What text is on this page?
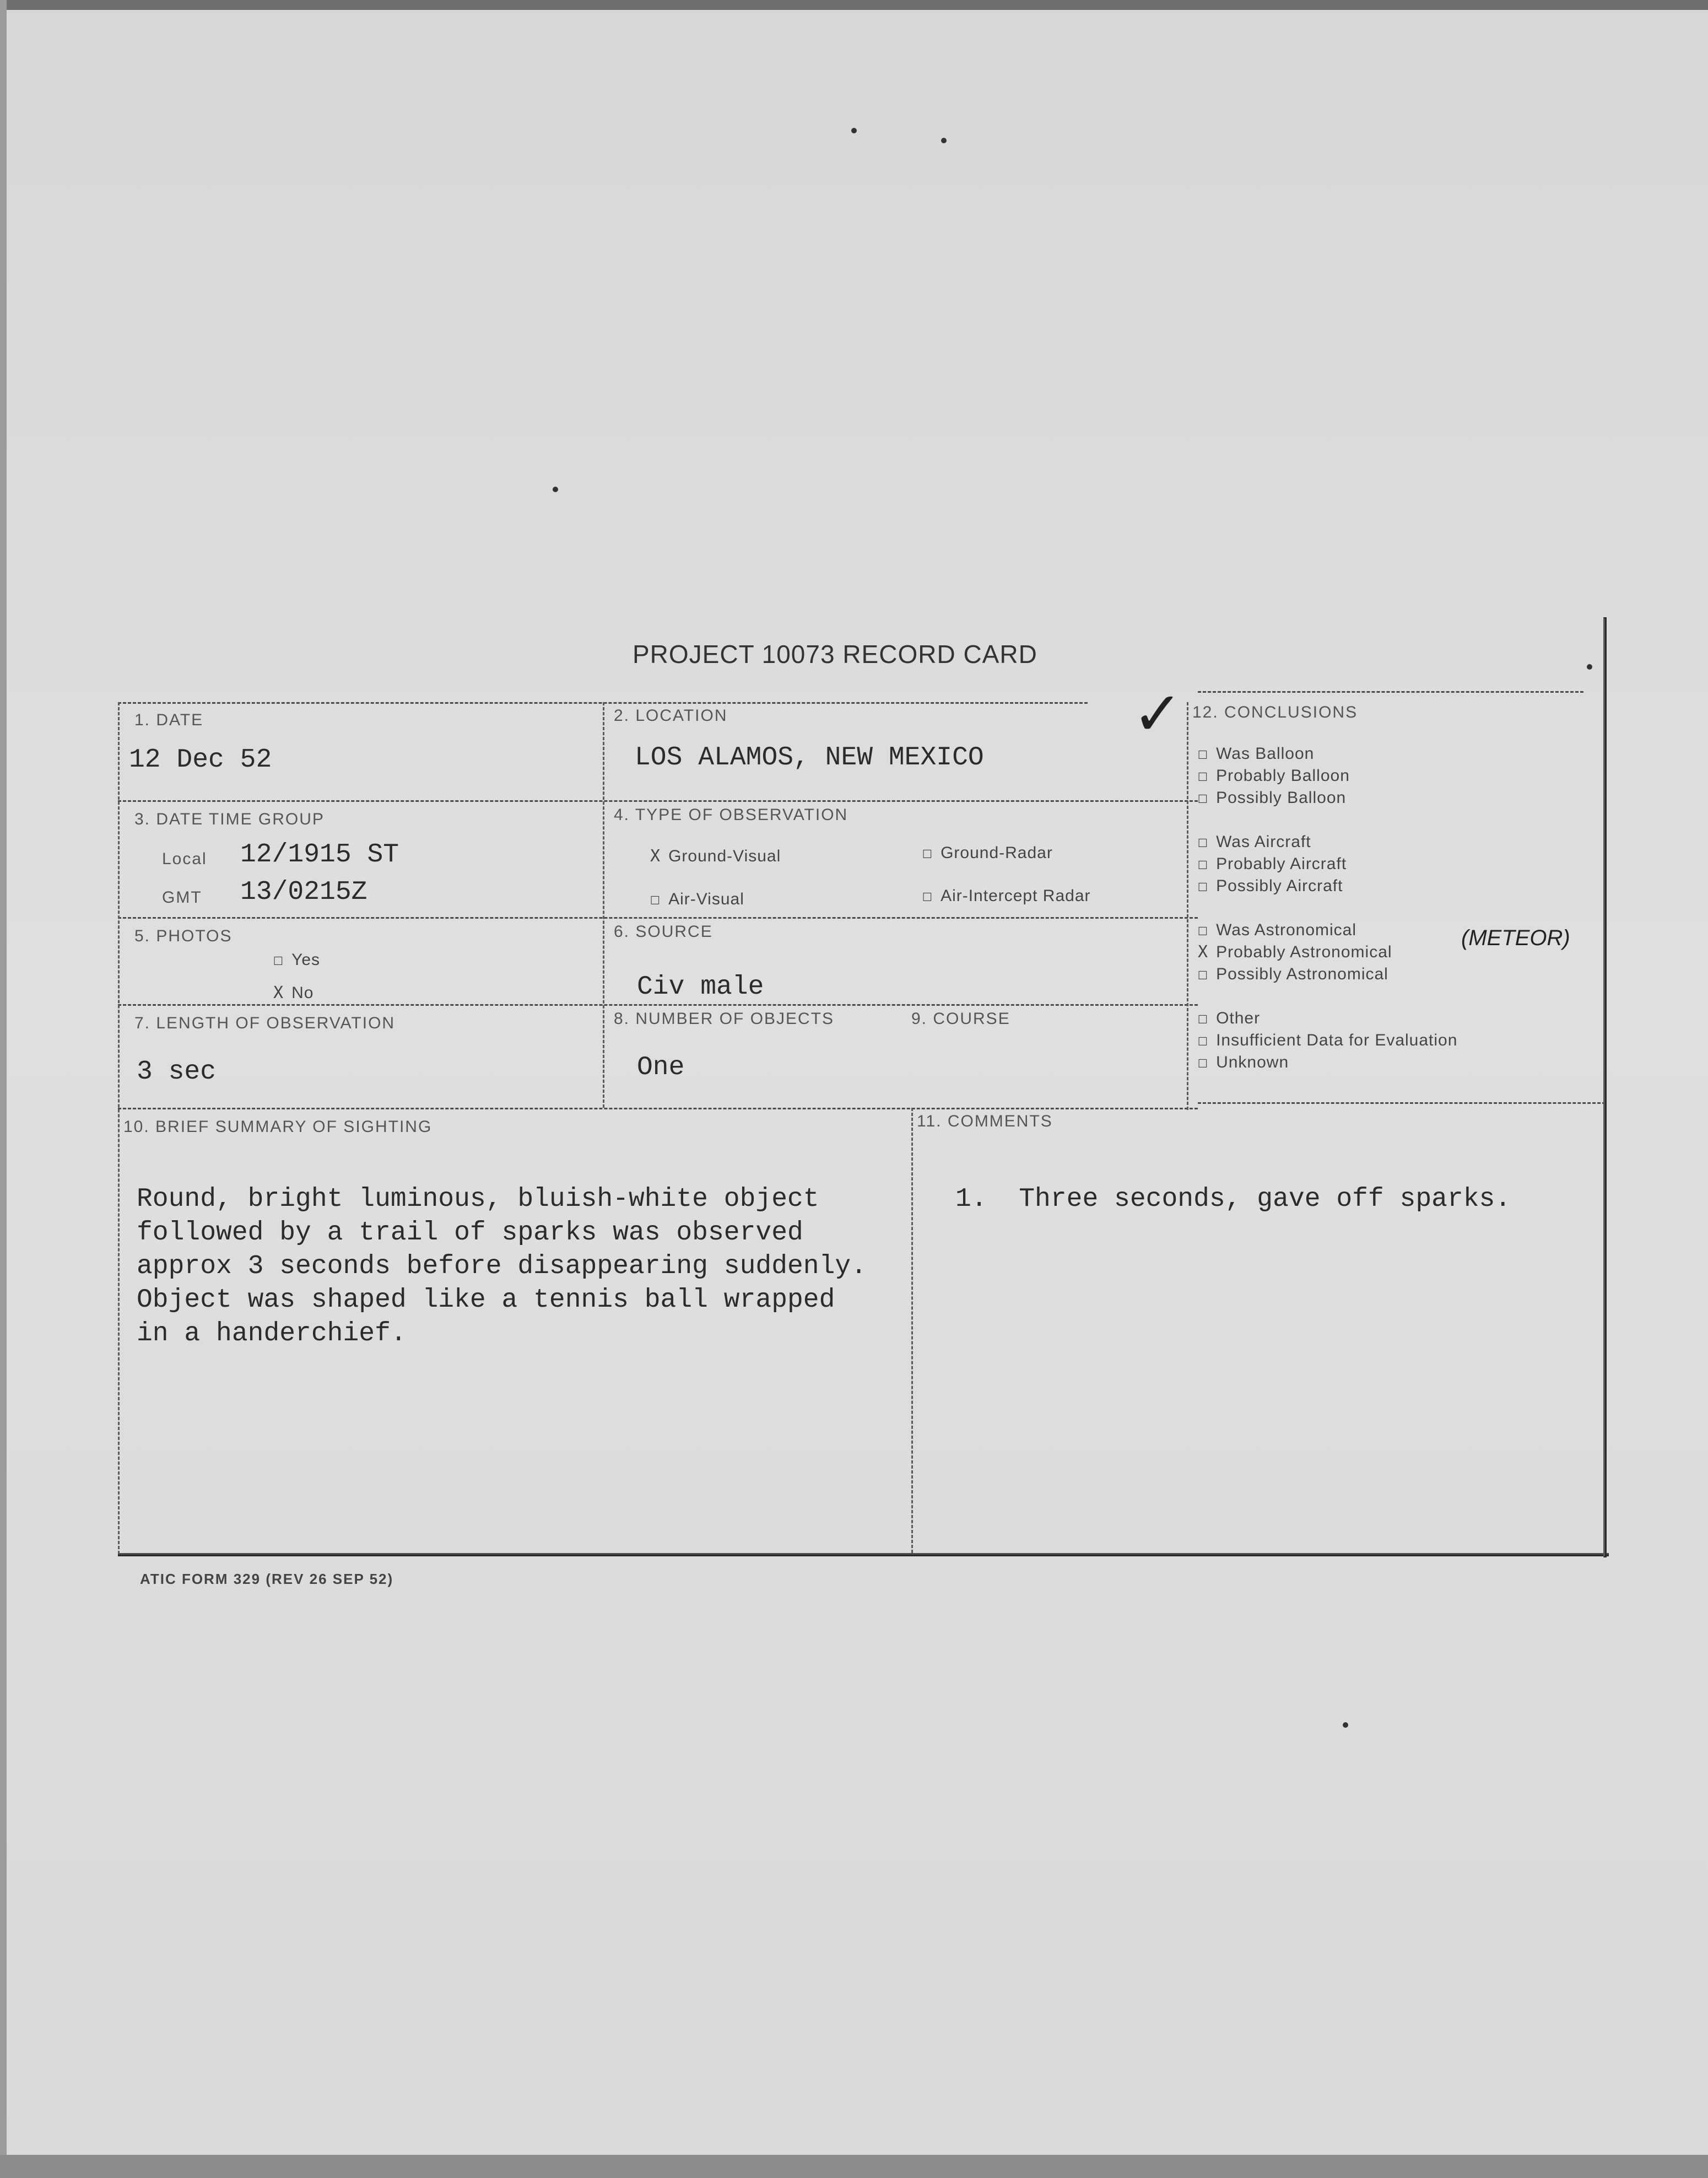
PROJECT 10073 RECORD CARD
✓
1. DATE
12 Dec 52
2. LOCATION
LOS ALAMOS, NEW MEXICO
3. DATE TIME GROUP
Local 12/1915 ST
GMT 13/0215Z
4. TYPE OF OBSERVATION
X Ground-Visual	☐ Ground-Radar
☐ Air-Visual	☐ Air-Intercept Radar
5. PHOTOS
☐ Yes
X No
6. SOURCE
Civ male
7. LENGTH OF OBSERVATION
3 sec
8. NUMBER OF OBJECTS
One
9. COURSE
12. CONCLUSIONS
☐ Was Balloon
☐ Probably Balloon
☐ Possibly Balloon
☐ Was Aircraft
☐ Probably Aircraft
☐ Possibly Aircraft
☐ Was Astronomical
X Probably Astronomical
☐ Possibly Astronomical
☐ Other
☐ Insufficient Data for Evaluation
☐ Unknown
10. BRIEF SUMMARY OF SIGHTING
Round, bright luminous, bluish-white object
followed by a trail of sparks was observed
approx 3 seconds before disappearing suddenly.
Object was shaped like a tennis ball wrapped
in a handerchief.
11. COMMENTS
1.  Three seconds, gave off sparks.
(METEOR)
ATIC FORM 329 (REV 26 SEP 52)
